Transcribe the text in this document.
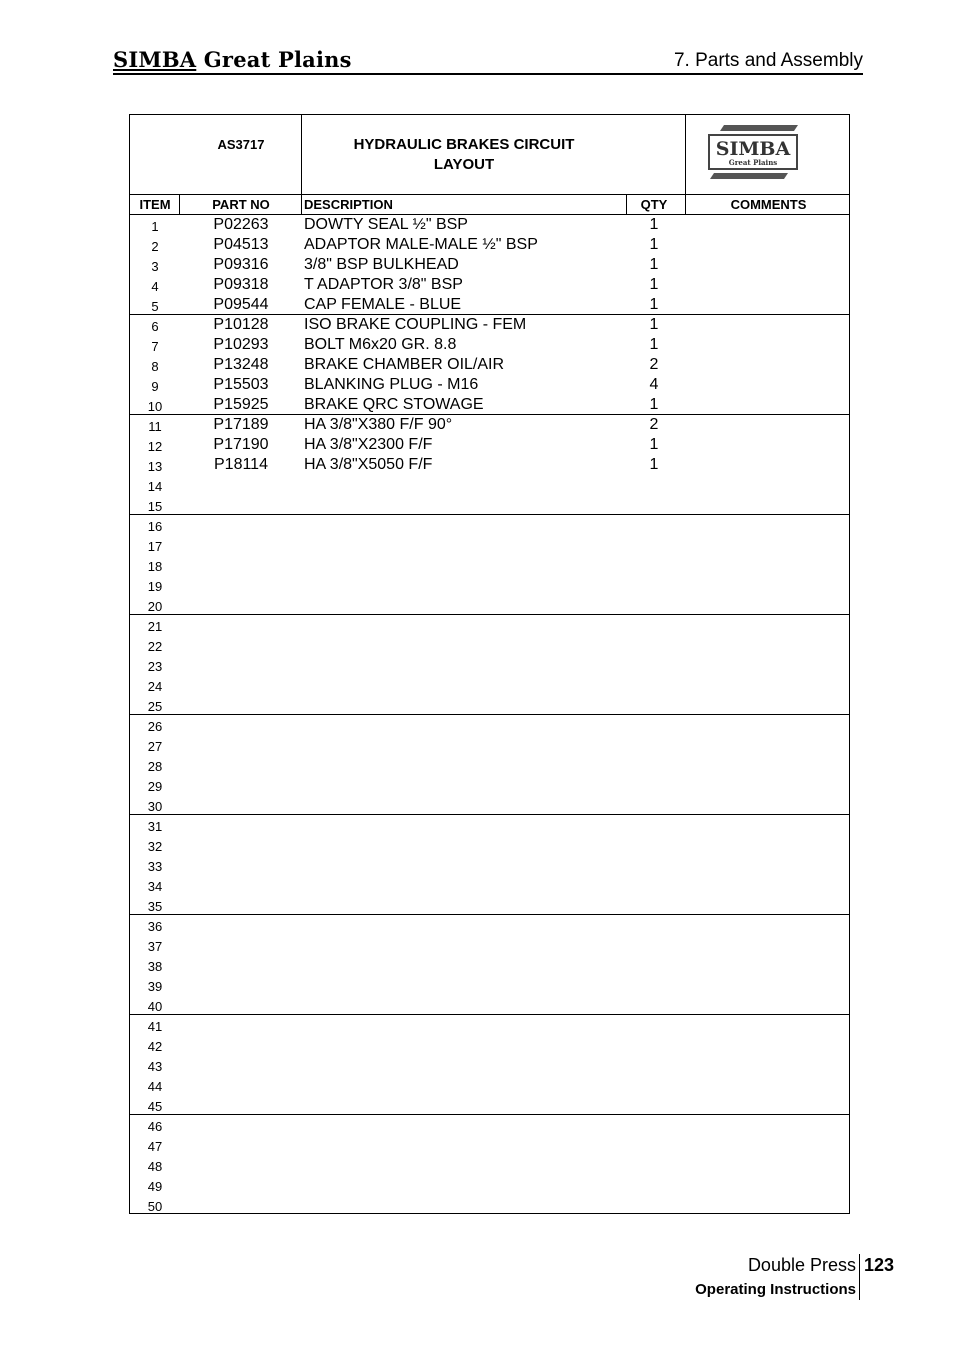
SIMBA Great Plains	7. Parts and Assembly
AS3717	HYDRAULIC BRAKES CIRCUIT
LAYOUT
SIMBA
Great Plains
ITEM	PART NO	DESCRIPTION	QTY	COMMENTS
1	P02263	DOWTY SEAL ½" BSP	1
2	P04513	ADAPTOR MALE-MALE ½" BSP	1
3	P09316	3/8" BSP BULKHEAD	1
4	P09318	T ADAPTOR 3/8" BSP	1
5	P09544	CAP FEMALE - BLUE	1
6	P10128	ISO BRAKE COUPLING - FEM	1
7	P10293	BOLT M6x20 GR. 8.8	1
8	P13248	BRAKE CHAMBER OIL/AIR	2
9	P15503	BLANKING PLUG - M16	4
10	P15925	BRAKE QRC STOWAGE	1
11	P17189	HA 3/8"X380 F/F 90°	2
12	P17190	HA 3/8"X2300 F/F	1
13	P18114	HA 3/8"X5050 F/F	1
14
15
16
17
18
19
20
21
22
23
24
25
26
27
28
29
30
31
32
33
34
35
36
37
38
39
40
41
42
43
44
45
46
47
48
49
50
Double Press
Operating Instructions
123
